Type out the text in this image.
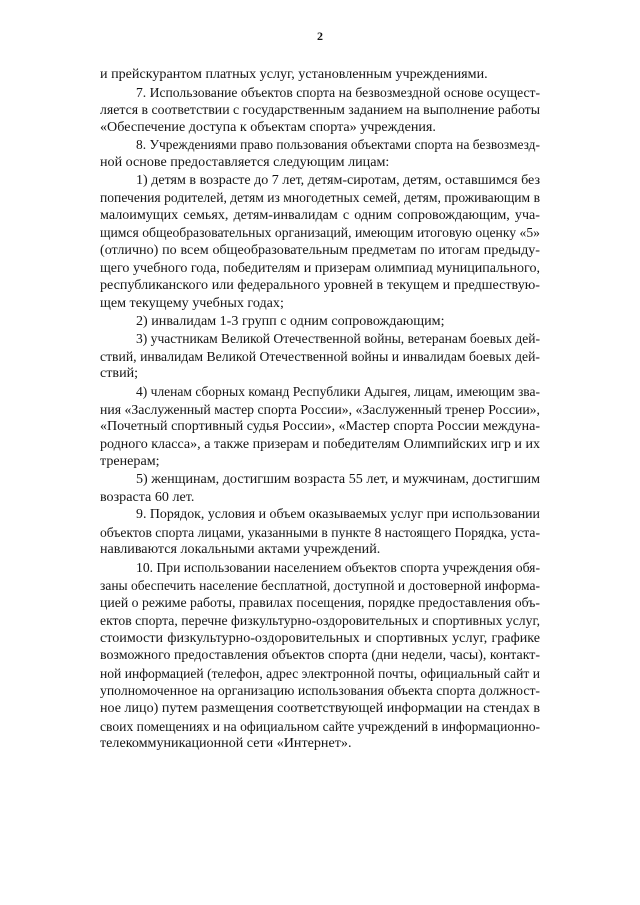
2
и прейскурантом платных услуг, установленным учреждениями.
7. Использование объектов спорта на безвозмездной основе осущест-
ляется в соответствии с государственным заданием на выполнение работы
«Обеспечение доступа к объектам спорта» учреждения.
8. Учреждениями право пользования объектами спорта на безвозмезд-
ной основе предоставляется следующим лицам:
1) детям в возрасте до 7 лет, детям-сиротам, детям, оставшимся без
попечения родителей, детям из многодетных семей, детям, проживающим в
малоимущих семьях, детям-инвалидам с одним сопровождающим, уча-
щимся общеобразовательных организаций, имеющим итоговую оценку «5»
(отлично) по всем общеобразовательным предметам по итогам предыду-
щего учебного года, победителям и призерам олимпиад муниципального,
республиканского или федерального уровней в текущем и предшествую-
щем текущему учебных годах;
2) инвалидам 1-3 групп с одним сопровождающим;
3) участникам Великой Отечественной войны, ветеранам боевых дей-
ствий, инвалидам Великой Отечественной войны и инвалидам боевых дей-
ствий;
4) членам сборных команд Республики Адыгея, лицам, имеющим зва-
ния «Заслуженный мастер спорта России», «Заслуженный тренер России»,
«Почетный спортивный судья России», «Мастер спорта России междуна-
родного класса», а также призерам и победителям Олимпийских игр и их
тренерам;
5) женщинам, достигшим возраста 55 лет, и мужчинам, достигшим
возраста 60 лет.
9. Порядок, условия и объем оказываемых услуг при использовании
объектов спорта лицами, указанными в пункте 8 настоящего Порядка, уста-
навливаются локальными актами учреждений.
10. При использовании населением объектов спорта учреждения обя-
заны обеспечить население бесплатной, доступной и достоверной информа-
цией о режиме работы, правилах посещения, порядке предоставления объ-
ектов спорта, перечне физкультурно-оздоровительных и спортивных услуг,
стоимости физкультурно-оздоровительных и спортивных услуг, графике
возможного предоставления объектов спорта (дни недели, часы), контакт-
ной информацией (телефон, адрес электронной почты, официальный сайт и
уполномоченное на организацию использования объекта спорта должност-
ное лицо) путем размещения соответствующей информации на стендах в
своих помещениях и на официальном сайте учреждений в информационно-
телекоммуникационной сети «Интернет».
